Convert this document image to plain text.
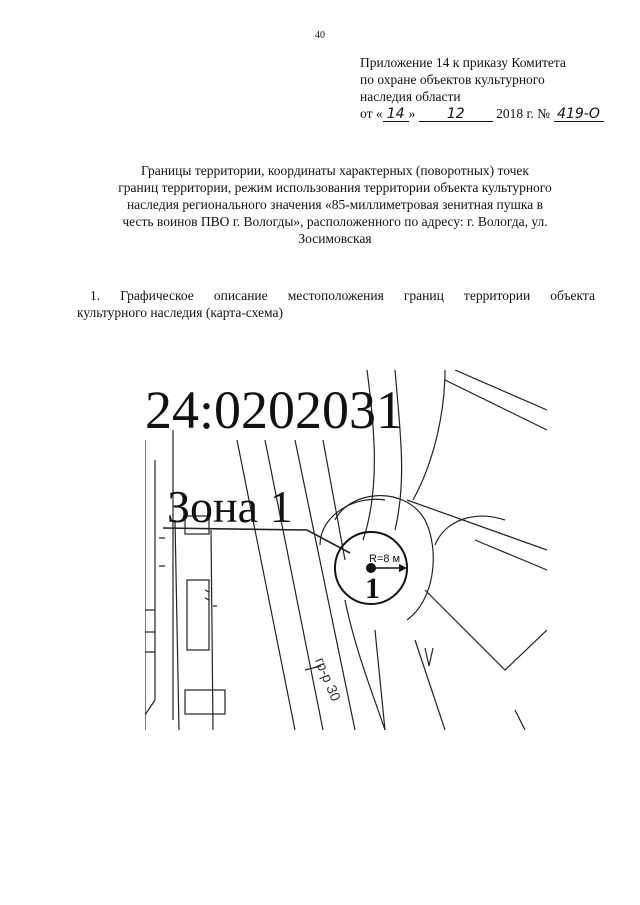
40
Приложение 14 к приказу Комитета
по охране объектов культурного
наследия области
от « 14 » 12 2018 г. № 419-О
Границы территории, координаты характерных (поворотных) точек
границ территории, режим использования территории объекта культурного
наследия регионального значения «85-миллиметровая зенитная пушка в
честь воинов ПВО г. Вологды», расположенного по адресу: г. Вологда, ул.
Зосимовская
1. Графическое описание местоположения границ территории объекта
культурного наследия (карта-схема)
24:0202031
Зона 1
R=8 м
1
гр-р З0
